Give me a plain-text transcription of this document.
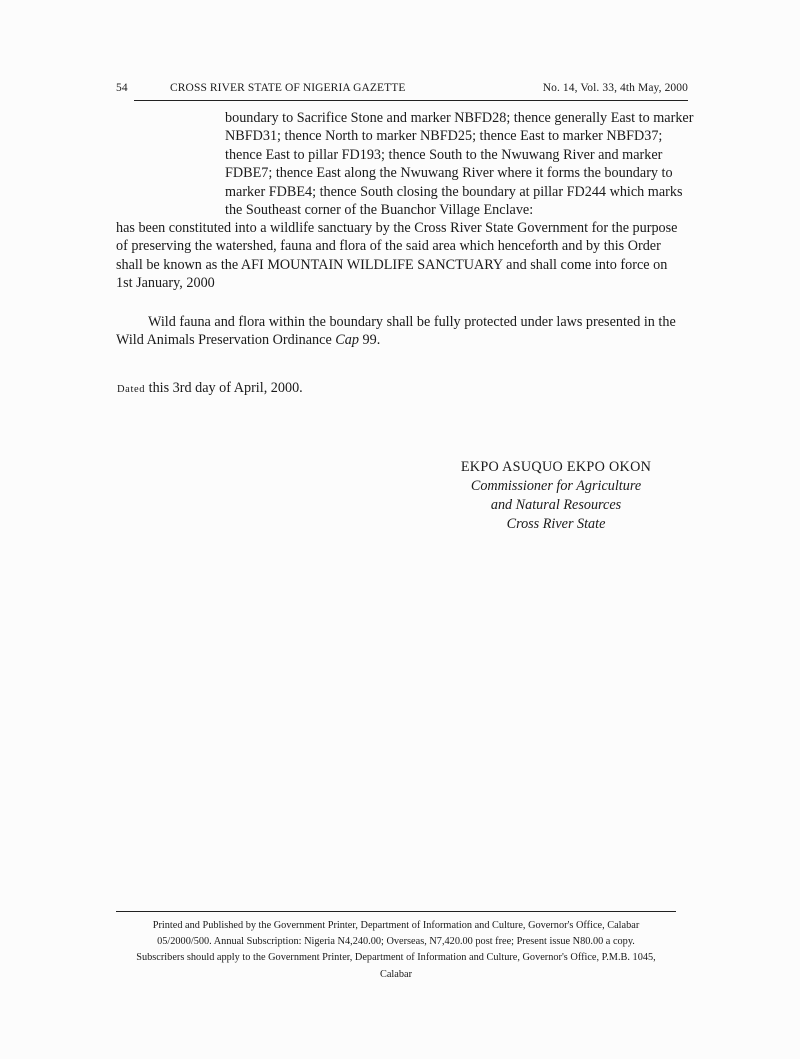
54	CROSS RIVER STATE OF NIGERIA GAZETTE	No. 14, Vol. 33, 4th May, 2000

boundary to Sacrifice Stone and marker NBFD28; thence generally East to marker

NBFD31; thence North to marker NBFD25; thence East to marker NBFD37;

thence East to pillar FD193; thence South to the Nwuwang River and marker

FDBE7; thence East along the Nwuwang River where it forms the boundary to

marker FDBE4; thence South closing the boundary at pillar FD244 which marks

the Southeast corner of the Buanchor Village Enclave:

has been constituted into a wildlife sanctuary by the Cross River State Government for the purpose

of preserving the watershed, fauna and flora of the said area which henceforth and by this Order

shall be known as the AFI MOUNTAIN WILDLIFE SANCTUARY and shall come into force on

1st January, 2000

Wild fauna and flora within the boundary shall be fully protected under laws presented in the

Wild Animals Preservation Ordinance Cap 99.

Dated this 3rd day of April, 2000.
EKPO ASUQUO EKPO OKON
Commissioner for Agriculture
and Natural Resources
Cross River State

Printed and Published by the Government Printer, Department of Information and Culture, Governor's Office, Calabar

05/2000/500. Annual Subscription: Nigeria N4,240.00; Overseas, N7,420.00 post free; Present issue N80.00 a copy.

Subscribers should apply to the Government Printer, Department of Information and Culture, Governor's Office, P.M.B. 1045,

Calabar
